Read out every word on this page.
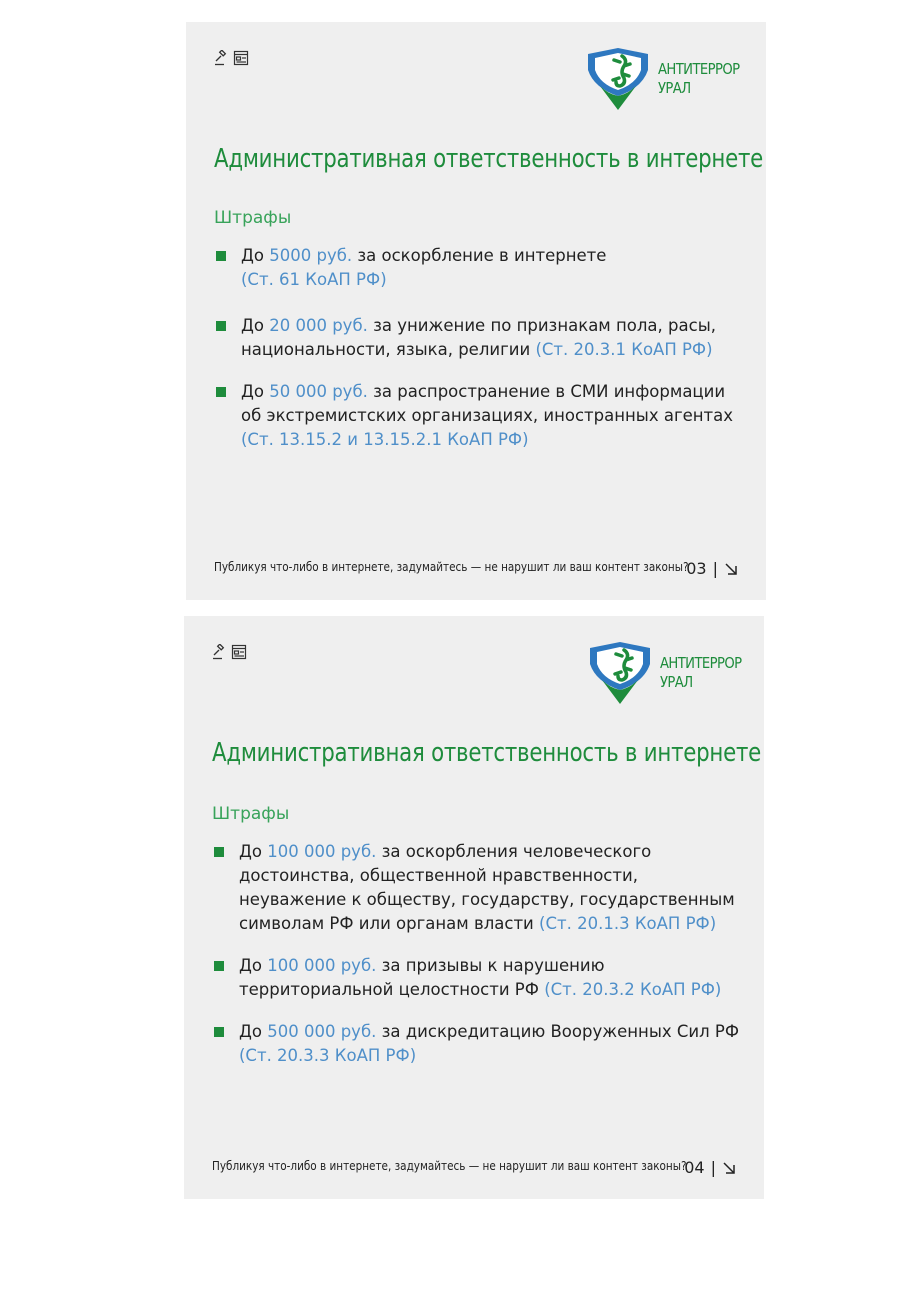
АНТИТЕРРОР
УРАЛ
Административная ответственность в интернете
Штрафы
До 5000 руб. за оскорбление в интернете
(Ст. 61 КоАП РФ)
До 20 000 руб. за унижение по признакам пола, расы, национальности, языка, религии (Ст. 20.3.1 КоАП РФ)
До 50 000 руб. за распространение в СМИ информации об экстремистских организациях, иностранных агентах (Ст. 13.15.2 и 13.15.2.1 КоАП РФ)
Публикуя что-либо в интернете, задумайтесь — не нарушит ли ваш контент законы?
03 |
АНТИТЕРРОР
УРАЛ
Административная ответственность в интернете
Штрафы
До 100 000 руб. за оскорбления человеческого достоинства, общественной нравственности, неуважение к обществу, государству, государственным символам РФ или органам власти (Ст. 20.1.3 КоАП РФ)
До 100 000 руб. за призывы к нарушению территориальной целостности РФ (Ст. 20.3.2 КоАП РФ)
До 500 000 руб. за дискредитацию Вооруженных Сил РФ (Ст. 20.3.3 КоАП РФ)
Публикуя что-либо в интернете, задумайтесь — не нарушит ли ваш контент законы?
04 |
